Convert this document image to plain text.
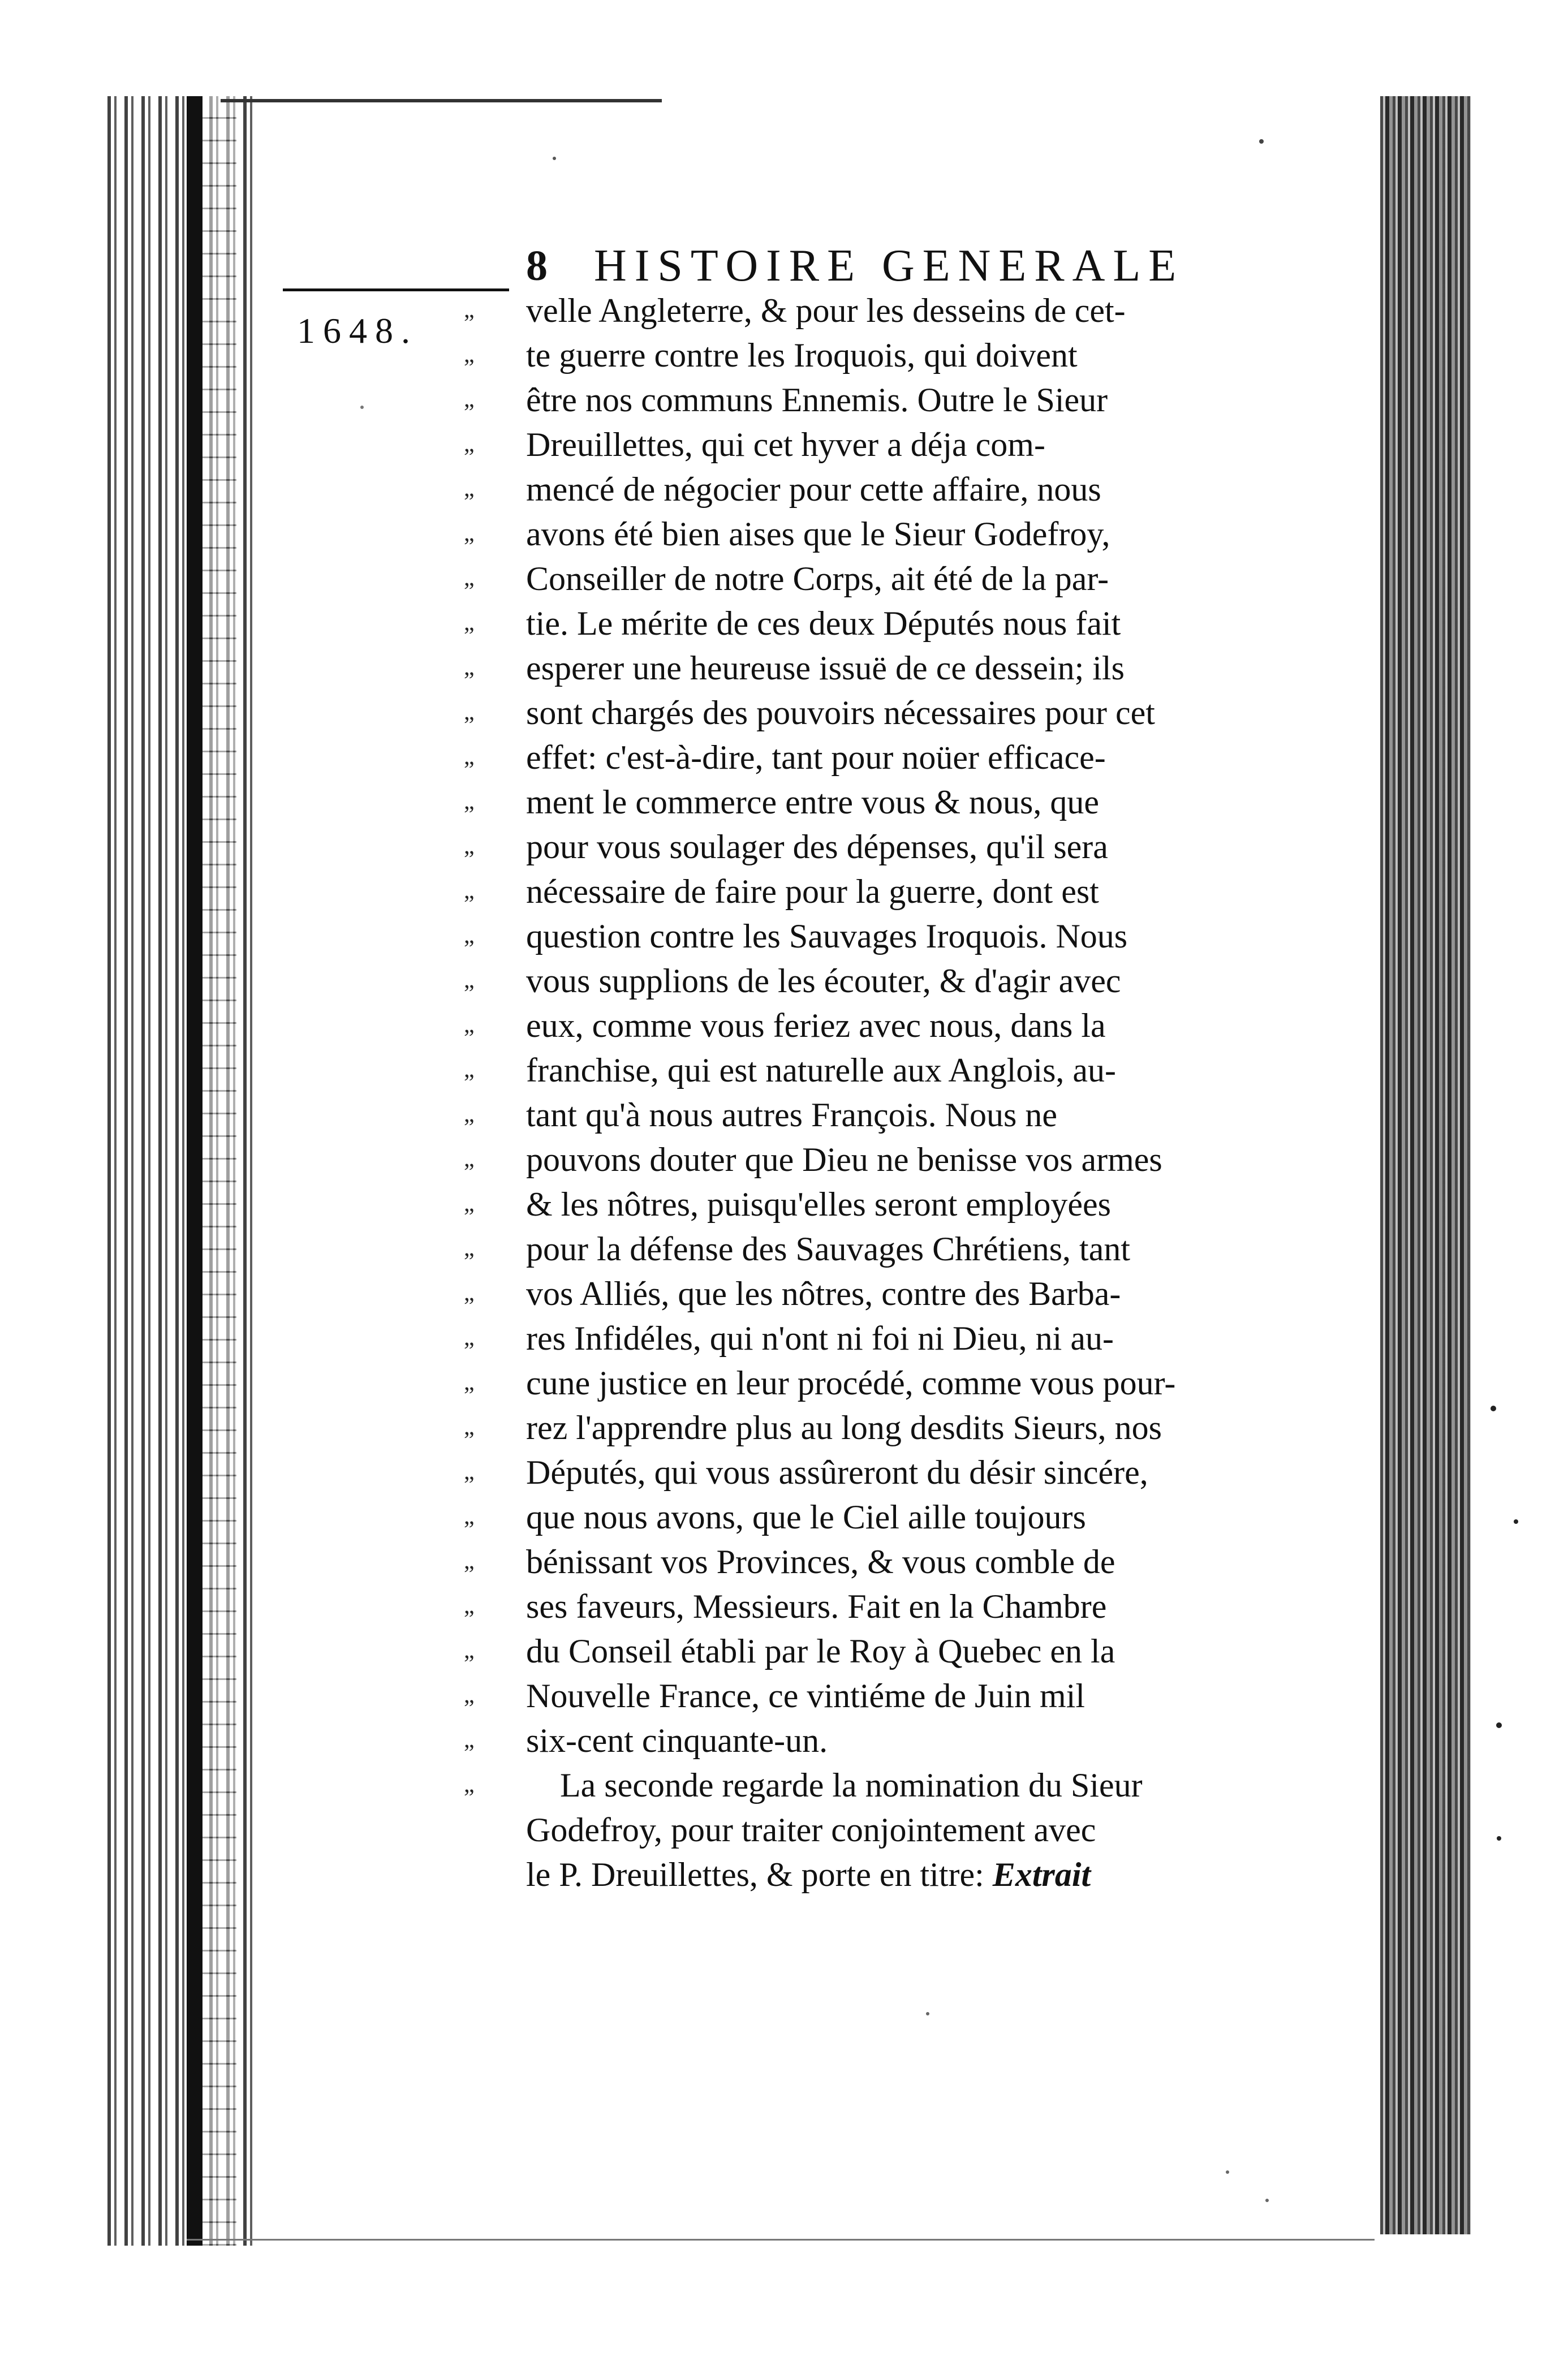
8	HISTOIRE GENERALE
1648.
„	velle Angleterre, & pour les desseins de cet-
„	te guerre contre les Iroquois, qui doivent
„	être nos communs Ennemis. Outre le Sieur
„	Dreuillettes, qui cet hyver a déja com-
„	mencé de négocier pour cette affaire, nous
„	avons été bien aises que le Sieur Godefroy,
„	Conseiller de notre Corps, ait été de la par-
„	tie. Le mérite de ces deux Députés nous fait
„	esperer une heureuse issuë de ce dessein; ils
„	sont chargés des pouvoirs nécessaires pour cet
„	effet: c'est-à-dire, tant pour noüer efficace-
„	ment le commerce entre vous & nous, que
„	pour vous soulager des dépenses, qu'il sera
„	nécessaire de faire pour la guerre, dont est
„	question contre les Sauvages Iroquois. Nous
„	vous supplions de les écouter, & d'agir avec
„	eux, comme vous feriez avec nous, dans la
„	franchise, qui est naturelle aux Anglois, au-
„	tant qu'à nous autres François. Nous ne
„	pouvons douter que Dieu ne benisse vos armes
„	& les nôtres, puisqu'elles seront employées
„	pour la défense des Sauvages Chrétiens, tant
„	vos Alliés, que les nôtres, contre des Barba-
„	res Infidéles, qui n'ont ni foi ni Dieu, ni au-
„	cune justice en leur procédé, comme vous pour-
„	rez l'apprendre plus au long desdits Sieurs, nos
„	Députés, qui vous assûreront du désir sincére,
„	que nous avons, que le Ciel aille toujours
„	bénissant vos Provinces, & vous comble de
„	ses faveurs, Messieurs. Fait en la Chambre
„	du Conseil établi par le Roy à Quebec en la
„	Nouvelle France, ce vintiéme de Juin mil
„	six-cent cinquante-un.
„	La seconde regarde la nomination du Sieur
Godefroy, pour traiter conjointement avec
le P. Dreuillettes, & porte en titre: Extrait
